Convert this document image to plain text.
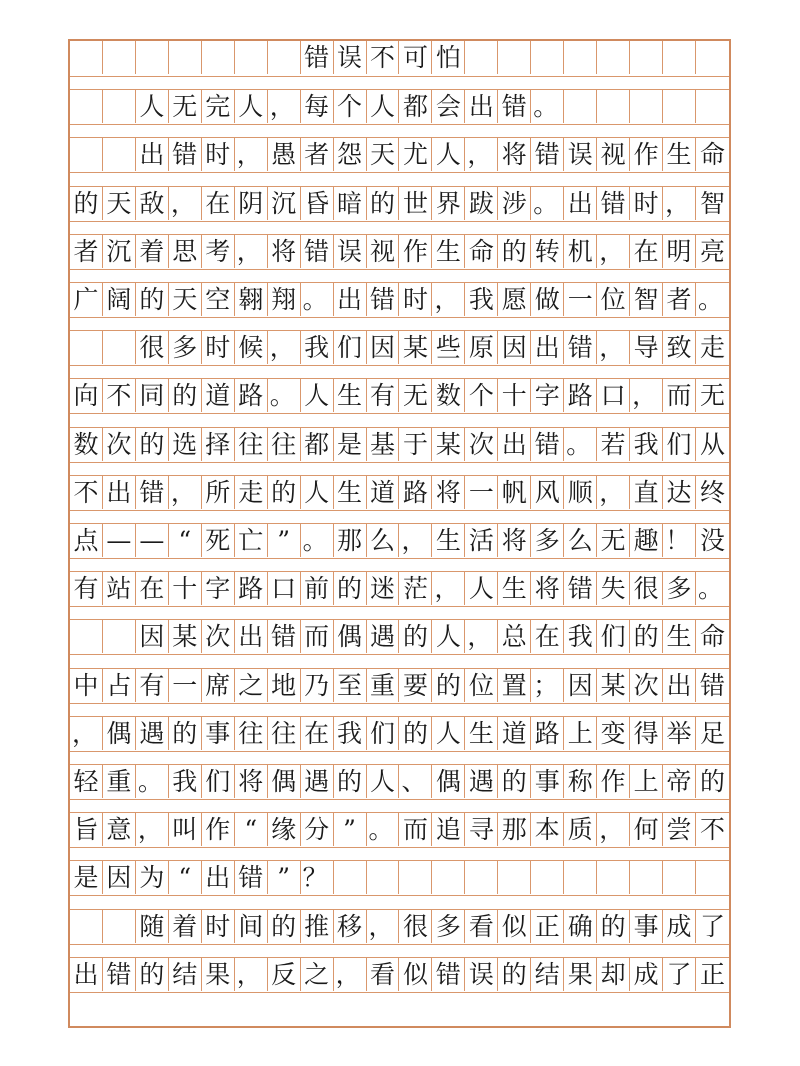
错 误 不 可 怕
人 无 完 人 ， 每 个 人 都 会 出 错 。
出 错 时 ， 愚 者 怨 天 尤 人 ， 将 错 误 视 作 生 命
的 天 敌 ， 在 阴 沉 昏 暗 的 世 界 跋 涉 。 出 错 时 ， 智
者 沉 着 思 考 ， 将 错 误 视 作 生 命 的 转 机 ， 在 明 亮
广 阔 的 天 空 翱 翔 。 出 错 时 ， 我 愿 做 一 位 智 者 。
很 多 时 候 ， 我 们 因 某 些 原 因 出 错 ， 导 致 走
向 不 同 的 道 路 。 人 生 有 无 数 个 十 字 路 口 ， 而 无
数 次 的 选 择 往 往 都 是 基 于 某 次 出 错 。 若 我 们 从
不 出 错 ， 所 走 的 人 生 道 路 将 一 帆 风 顺 ， 直 达 终
点 — — “ 死 亡 ” 。 那 么 ， 生 活 将 多 么 无 趣 ！ 没
有 站 在 十 字 路 口 前 的 迷 茫 ， 人 生 将 错 失 很 多 。
因 某 次 出 错 而 偶 遇 的 人 ， 总 在 我 们 的 生 命
中 占 有 一 席 之 地 乃 至 重 要 的 位 置 ； 因 某 次 出 错
， 偶 遇 的 事 往 往 在 我 们 的 人 生 道 路 上 变 得 举 足
轻 重 。 我 们 将 偶 遇 的 人 、 偶 遇 的 事 称 作 上 帝 的
旨 意 ， 叫 作 “ 缘 分 ” 。 而 追 寻 那 本 质 ， 何 尝 不
是 因 为 “ 出 错 ” ？
随 着 时 间 的 推 移 ， 很 多 看 似 正 确 的 事 成 了
出 错 的 结 果 ， 反 之 ， 看 似 错 误 的 结 果 却 成 了 正
